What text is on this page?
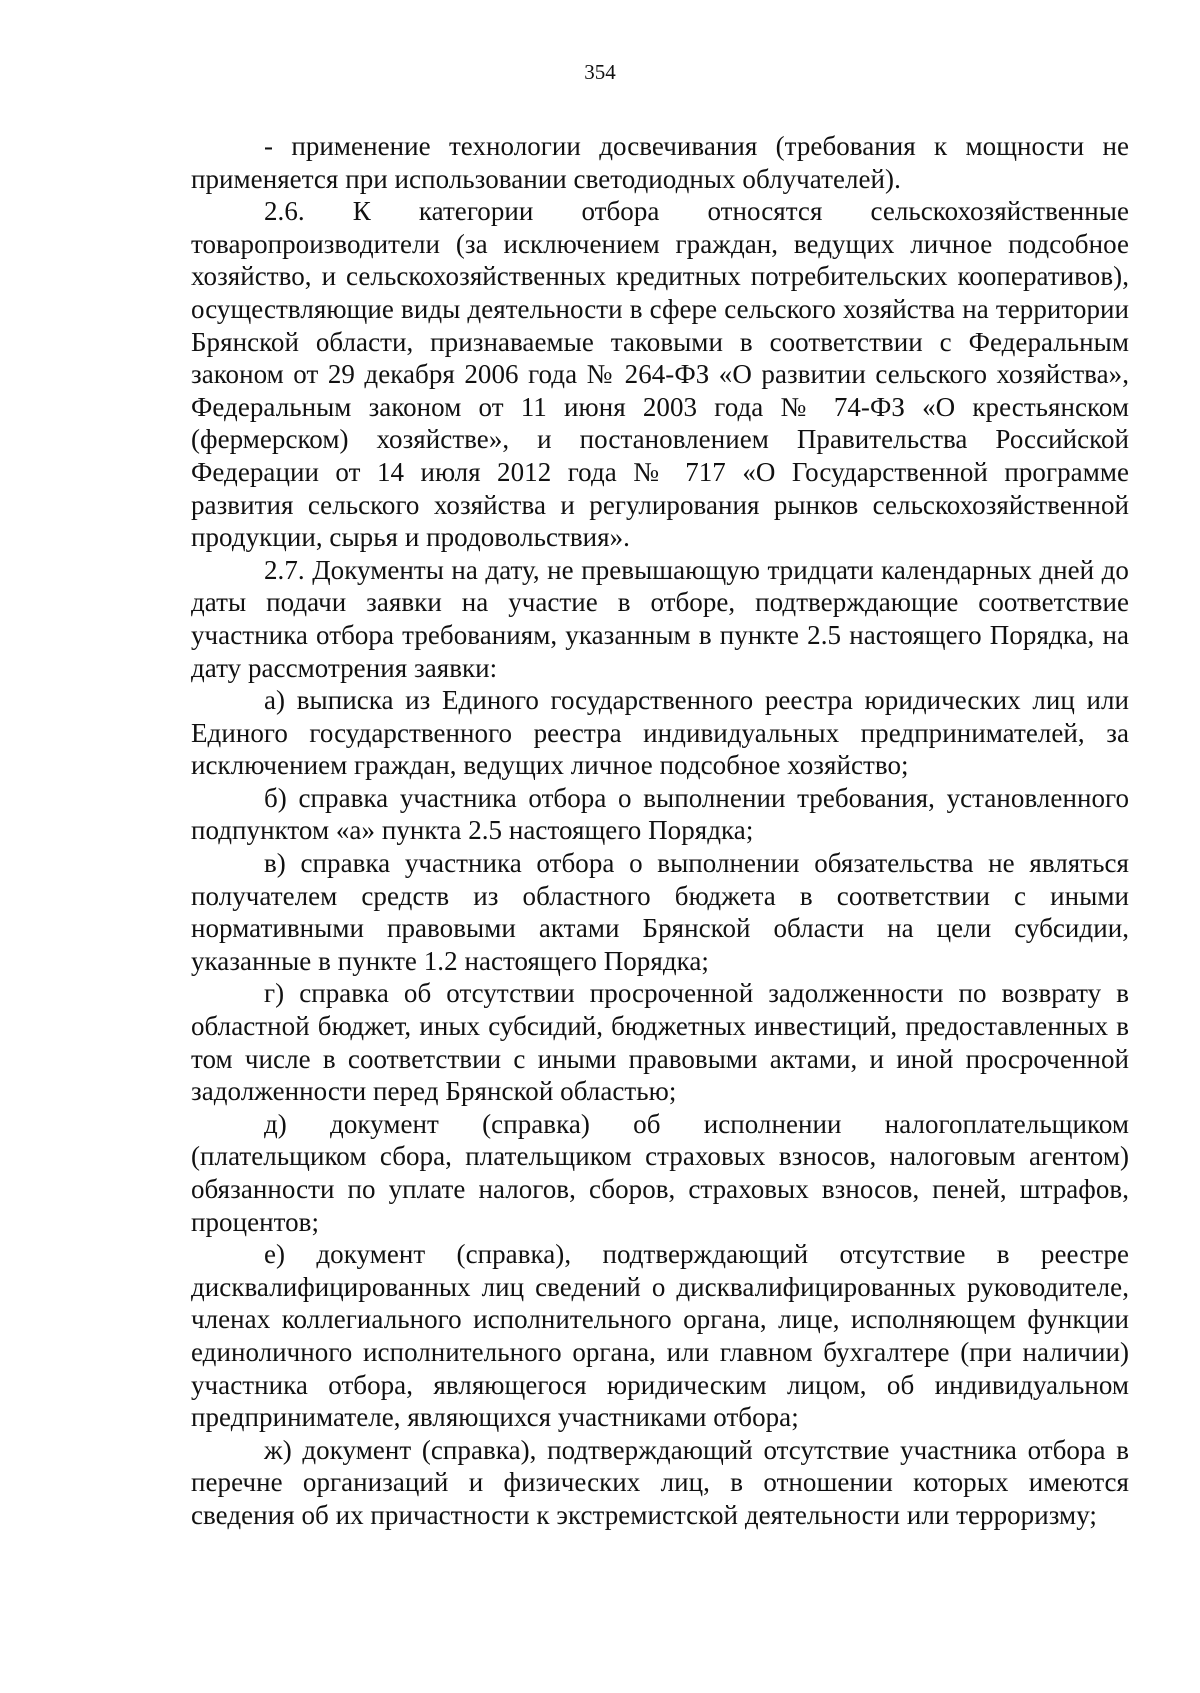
354

- применение технологии досвечивания (требования к мощности не применяется при использовании светодиодных облучателей).

2.6. К категории отбора относятся сельскохозяйственные товаропроизводители (за исключением граждан, ведущих личное подсобное хозяйство, и сельскохозяйственных кредитных потребительских кооперативов), осуществляющие виды деятельности в сфере сельского хозяйства на территории Брянской области, признаваемые таковыми в соответствии с Федеральным законом от 29 декабря 2006 года № 264-ФЗ «О развитии сельского хозяйства», Федеральным законом от 11 июня 2003 года № 74-ФЗ «О крестьянском (фермерском) хозяйстве», и постановлением Правительства Российской Федерации от 14 июля 2012 года № 717 «О Государственной программе развития сельского хозяйства и регулирования рынков сельскохозяйственной продукции, сырья и продовольствия».

2.7. Документы на дату, не превышающую тридцати календарных дней до даты подачи заявки на участие в отборе, подтверждающие соответствие участника отбора требованиям, указанным в пункте 2.5 настоящего Порядка, на дату рассмотрения заявки:

а) выписка из Единого государственного реестра юридических лиц или Единого государственного реестра индивидуальных предпринимателей, за исключением граждан, ведущих личное подсобное хозяйство;

б) справка участника отбора о выполнении требования, установленного подпунктом «а» пункта 2.5 настоящего Порядка;

в) справка участника отбора о выполнении обязательства не являться получателем средств из областного бюджета в соответствии с иными нормативными правовыми актами Брянской области на цели субсидии, указанные в пункте 1.2 настоящего Порядка;

г) справка об отсутствии просроченной задолженности по возврату в областной бюджет, иных субсидий, бюджетных инвестиций, предоставленных в том числе в соответствии с иными правовыми актами, и иной просроченной задолженности перед Брянской областью;

д) документ (справка) об исполнении налогоплательщиком (плательщиком сбора, плательщиком страховых взносов, налоговым агентом) обязанности по уплате налогов, сборов, страховых взносов, пеней, штрафов, процентов;

е) документ (справка), подтверждающий отсутствие в реестре дисквалифицированных лиц сведений о дисквалифицированных руководителе, членах коллегиального исполнительного органа, лице, исполняющем функции единоличного исполнительного органа, или главном бухгалтере (при наличии) участника отбора, являющегося юридическим лицом, об индивидуальном предпринимателе, являющихся участниками отбора;

ж) документ (справка), подтверждающий отсутствие участника отбора в перечне организаций и физических лиц, в отношении которых имеются сведения об их причастности к экстремистской деятельности или терроризму;
